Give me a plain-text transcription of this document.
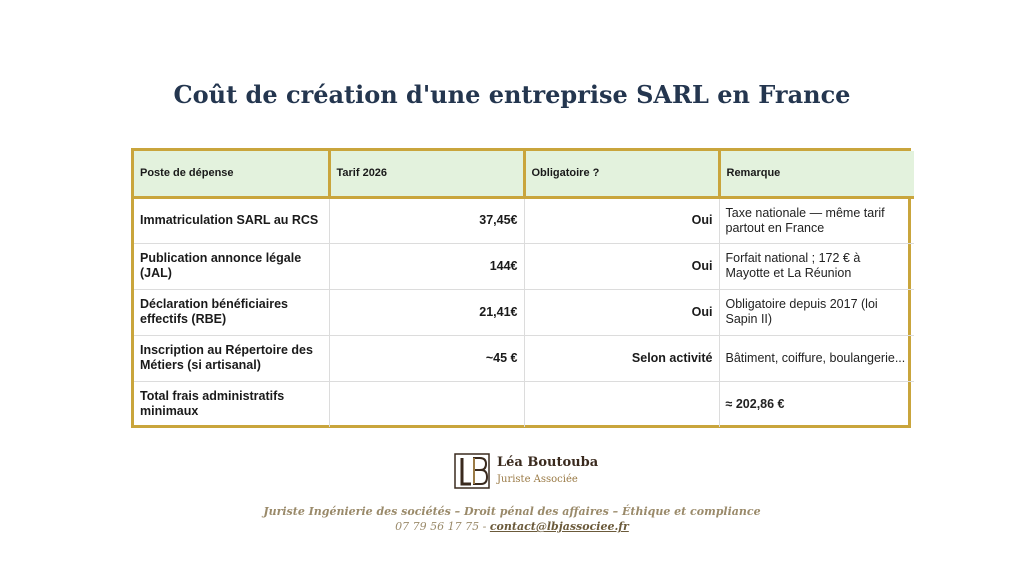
Coût de création d'une entreprise SARL en France
Poste de dépense	Tarif 2026	Obligatoire ?	Remarque
Immatriculation SARL au RCS	37,45€	Oui	Taxe nationale — même tarif partout en France
Publication annonce légale (JAL)	144€	Oui	Forfait national ; 172 € à Mayotte et La Réunion
Déclaration bénéficiaires effectifs (RBE)	21,41€	Oui	Obligatoire depuis 2017 (loi Sapin II)
Inscription au Répertoire des Métiers (si artisanal)	~45 €	Selon activité	Bâtiment, coiffure, boulangerie...
Total frais administratifs minimaux			≈ 202,86 €
Léa Boutouba
Juriste Associée
Juriste Ingénierie des sociétés – Droit pénal des affaires – Éthique et compliance
07 79 56 17 75 - contact@lbjassociee.fr
